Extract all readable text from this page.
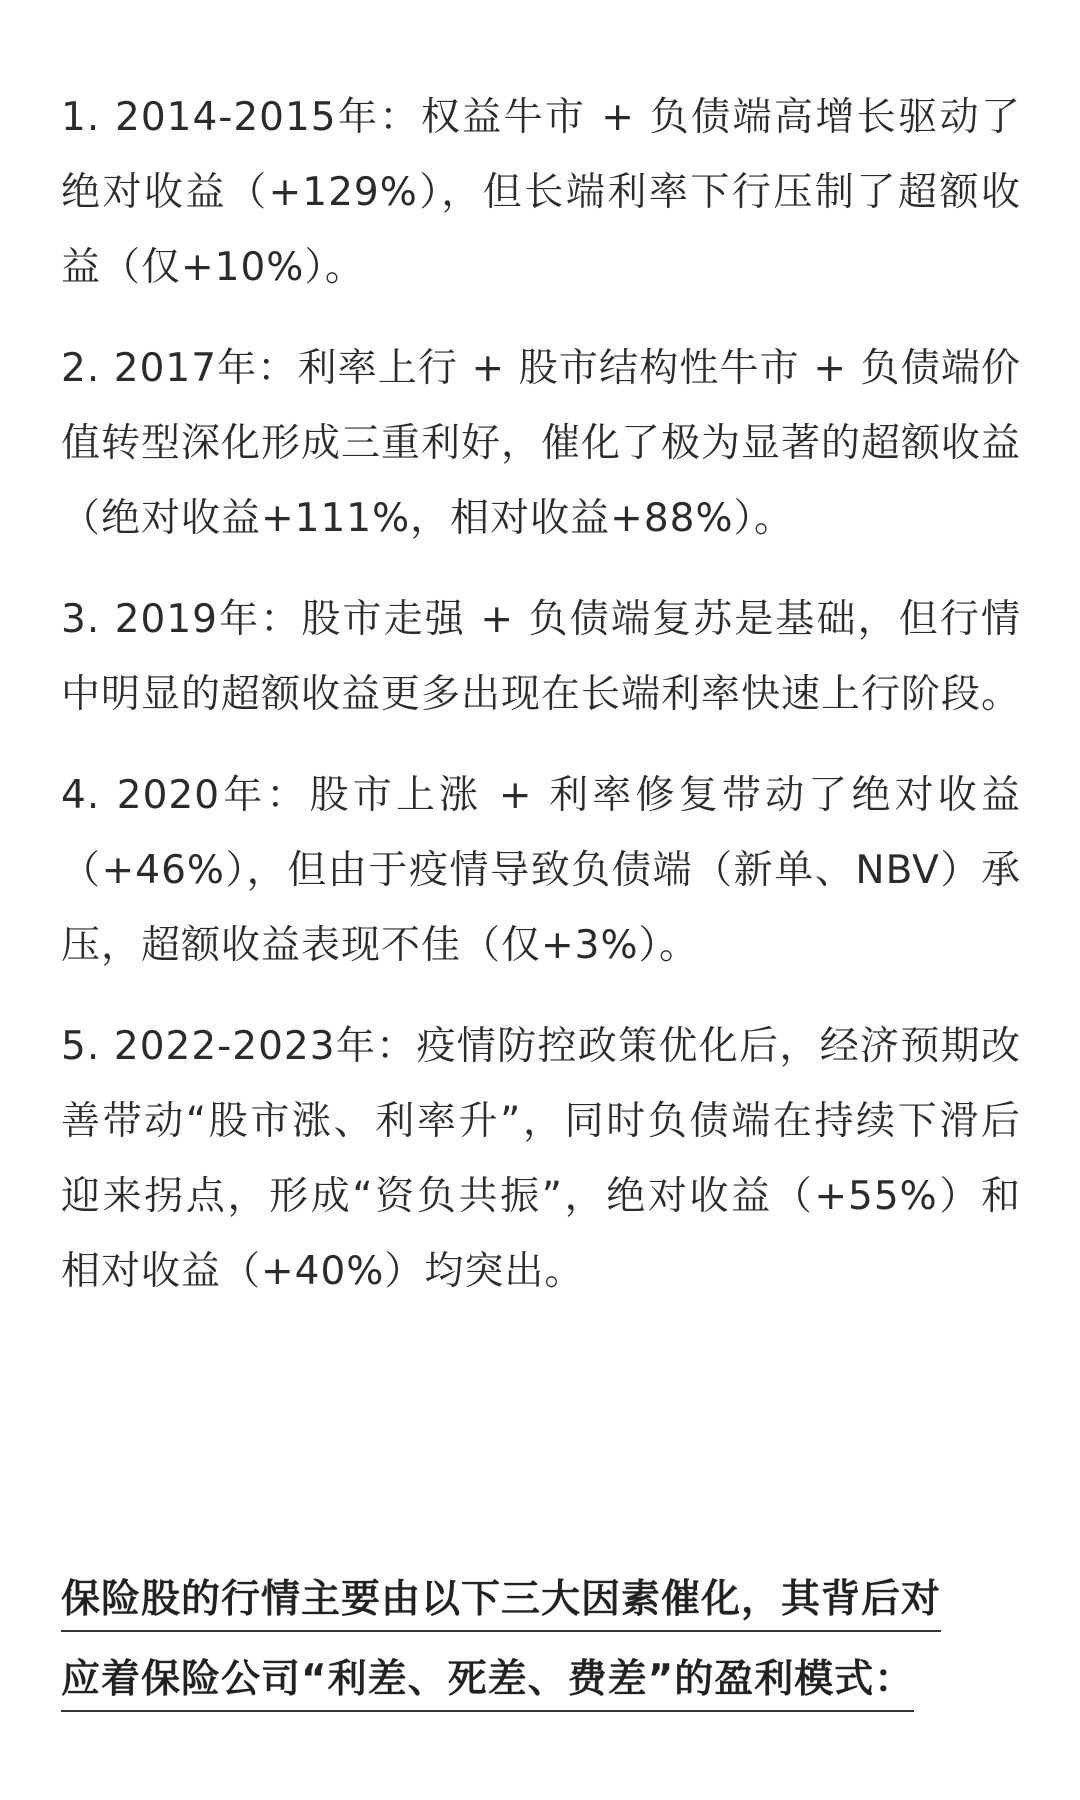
1. 2014-2015年：权益牛市 + 负债端高增长驱动了绝对收益（+129%），但长端利率下行压制了超额收益（仅+10%）。

2. 2017年：利率上行 + 股市结构性牛市 + 负债端价值转型深化形成三重利好，催化了极为显著的超额收益（绝对收益+111%，相对收益+88%）。

3. 2019年：股市走强 + 负债端复苏是基础，但行情中明显的超额收益更多出现在长端利率快速上行阶段。

4. 2020年：股市上涨 + 利率修复带动了绝对收益（+46%），但由于疫情导致负债端（新单、NBV）承压，超额收益表现不佳（仅+3%）。

5. 2022-2023年：疫情防控政策优化后，经济预期改善带动“股市涨、利率升”，同时负债端在持续下滑后迎来拐点，形成“资负共振”，绝对收益（+55%）和相对收益（+40%）均突出。

保险股的行情主要由以下三大因素催化，其背后对

应着保险公司“利差、死差、费差”的盈利模式：
